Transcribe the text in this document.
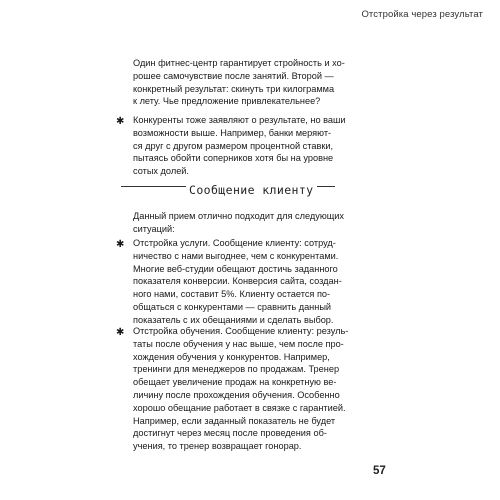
Отстройка через результат
Один фитнес-центр гарантирует стройность и хо-
рошее самочувствие после занятий. Второй —
конкретный результат: скинуть три килограмма
к лету. Чье предложение привлекательнее?
✱ Конкуренты тоже заявляют о результате, но ваши
возможности выше. Например, банки меряют-
ся друг с другом размером процентной ставки,
пытаясь обойти соперников хотя бы на уровне
сотых долей.
Сообщение клиенту
Данный прием отлично подходит для следующих
ситуаций:
✱ Отстройка услуги. Сообщение клиенту: сотруд-
ничество с нами выгоднее, чем с конкурентами.
Многие веб-студии обещают достичь заданного
показателя конверсии. Конверсия сайта, создан-
ного нами, составит 5%. Клиенту остается по-
общаться с конкурентами — сравнить данный
показатель с их обещаниями и сделать выбор.
✱ Отстройка обучения. Сообщение клиенту: резуль-
таты после обучения у нас выше, чем после про-
хождения обучения у конкурентов. Например,
тренинги для менеджеров по продажам. Тренер
обещает увеличение продаж на конкретную ве-
личину после прохождения обучения. Особенно
хорошо обещание работает в связке с гарантией.
Например, если заданный показатель не будет
достигнут через месяц после проведения об-
учения, то тренер возвращает гонорар.
57
